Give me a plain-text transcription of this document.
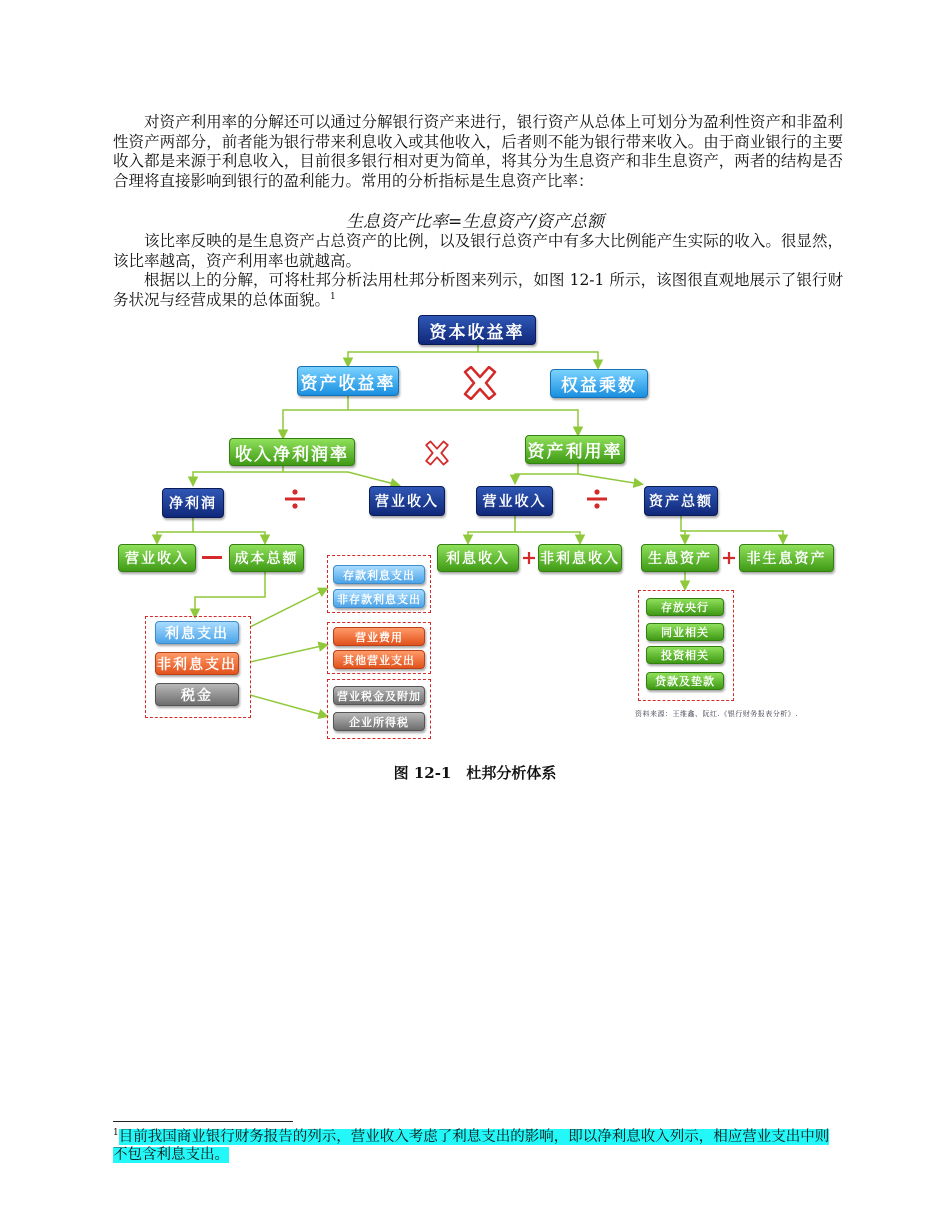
对资产利用率的分解还可以通过分解银行资产来进行，银行资产从总体上可划分为盈利性资产和非盈利性资产两部分，前者能为银行带来利息收入或其他收入，后者则不能为银行带来收入。由于商业银行的主要收入都是来源于利息收入，目前很多银行相对更为简单，将其分为生息资产和非生息资产，两者的结构是否合理将直接影响到银行的盈利能力。常用的分析指标是生息资产比率：
生息资产比率=生息资产/资产总额
该比率反映的是生息资产占总资产的比例，以及银行总资产中有多大比例能产生实际的收入。很显然，该比率越高，资产利用率也就越高。
根据以上的分解，可将杜邦分析法用杜邦分析图来列示，如图 12-1 所示，该图很直观地展示了银行财务状况与经营成果的总体面貌。$^1$
资本收益率
资产收益率	权益乘数
收入净利润率	资产利用率
净利润	营业收入	营业收入	资产总额
营业收入	成本总额	利息收入	非利息收入	生息资产	非生息资产
存款利息支出
非存款利息支出
营业费用
其他营业支出
营业税金及附加
企业所得税
利息支出
非利息支出
税金
存放央行
同业相关
投资相关
贷款及垫款
资料来源：王维鑫、阮红.《银行财务报表分析》.
图 12-1　杜邦分析体系
$^1$目前我国商业银行财务报告的列示，营业收入考虑了利息支出的影响，即以净利息收入列示，相应营业支出中则不包含利息支出。
